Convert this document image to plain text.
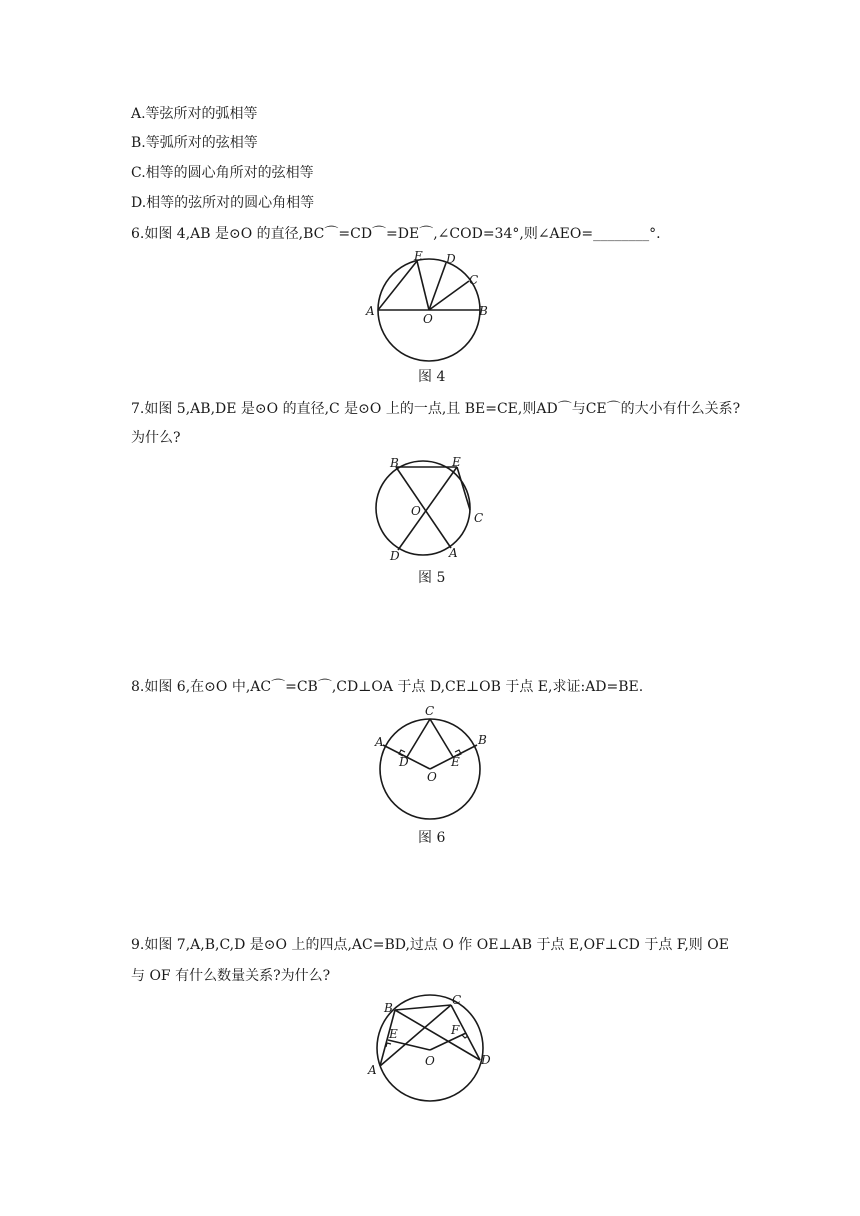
A.等弦所对的弧相等
B.等弧所对的弦相等
C.相等的圆心角所对的弦相等
D.相等的弦所对的圆心角相等
6.如图 4,AB 是⊙O 的直径,BC⌒=CD⌒=DE⌒,∠COD=34°,则∠AEO=________°.
A	B
C
D
E
O
图 4
7.如图 5,AB,DE 是⊙O 的直径,C 是⊙O 上的一点,且 BE=CE,则AD⌒与CE⌒的大小有什么关系?
为什么?
B	E
C
O
D	A
图 5
8.如图 6,在⊙O 中,AC⌒=CB⌒,CD⊥OA 于点 D,CE⊥OB 于点 E,求证:AD=BE.
C
A	B
D	E
O
图 6
9.如图 7,A,B,C,D 是⊙O 上的四点,AC=BD,过点 O 作 OE⊥AB 于点 E,OF⊥CD 于点 F,则 OE
与 OF 有什么数量关系?为什么?
B
C
E	F
D
A
O
